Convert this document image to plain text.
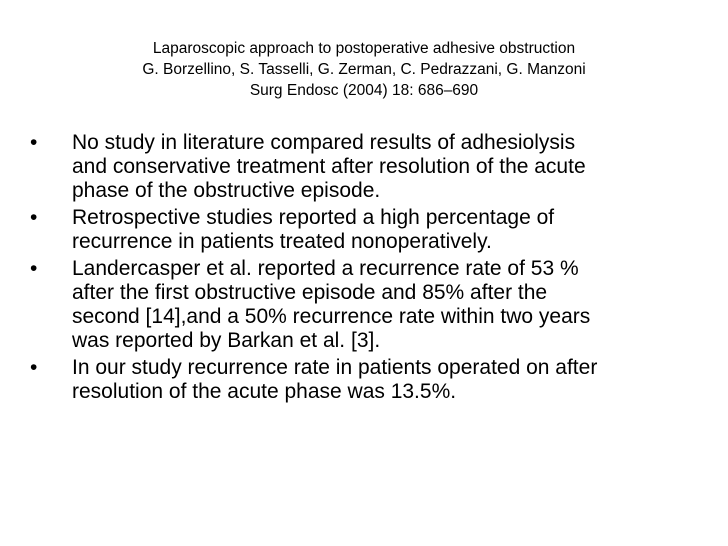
Laparoscopic approach to postoperative adhesive obstruction
G. Borzellino, S. Tasselli, G. Zerman, C. Pedrazzani, G. Manzoni
Surg Endosc (2004) 18: 686–690
•	No study in literature compared results of adhesiolysis
and conservative treatment after resolution of the acute
phase of the obstructive episode.
•	Retrospective studies reported a high percentage of
recurrence in patients treated nonoperatively.
•	Landercasper et al. reported a recurrence rate of 53 %
after the first obstructive episode and 85% after the
second [14],and a 50% recurrence rate within two years
was reported by Barkan et al. [3].
•	In our study recurrence rate in patients operated on after
resolution of the acute phase was 13.5%.
